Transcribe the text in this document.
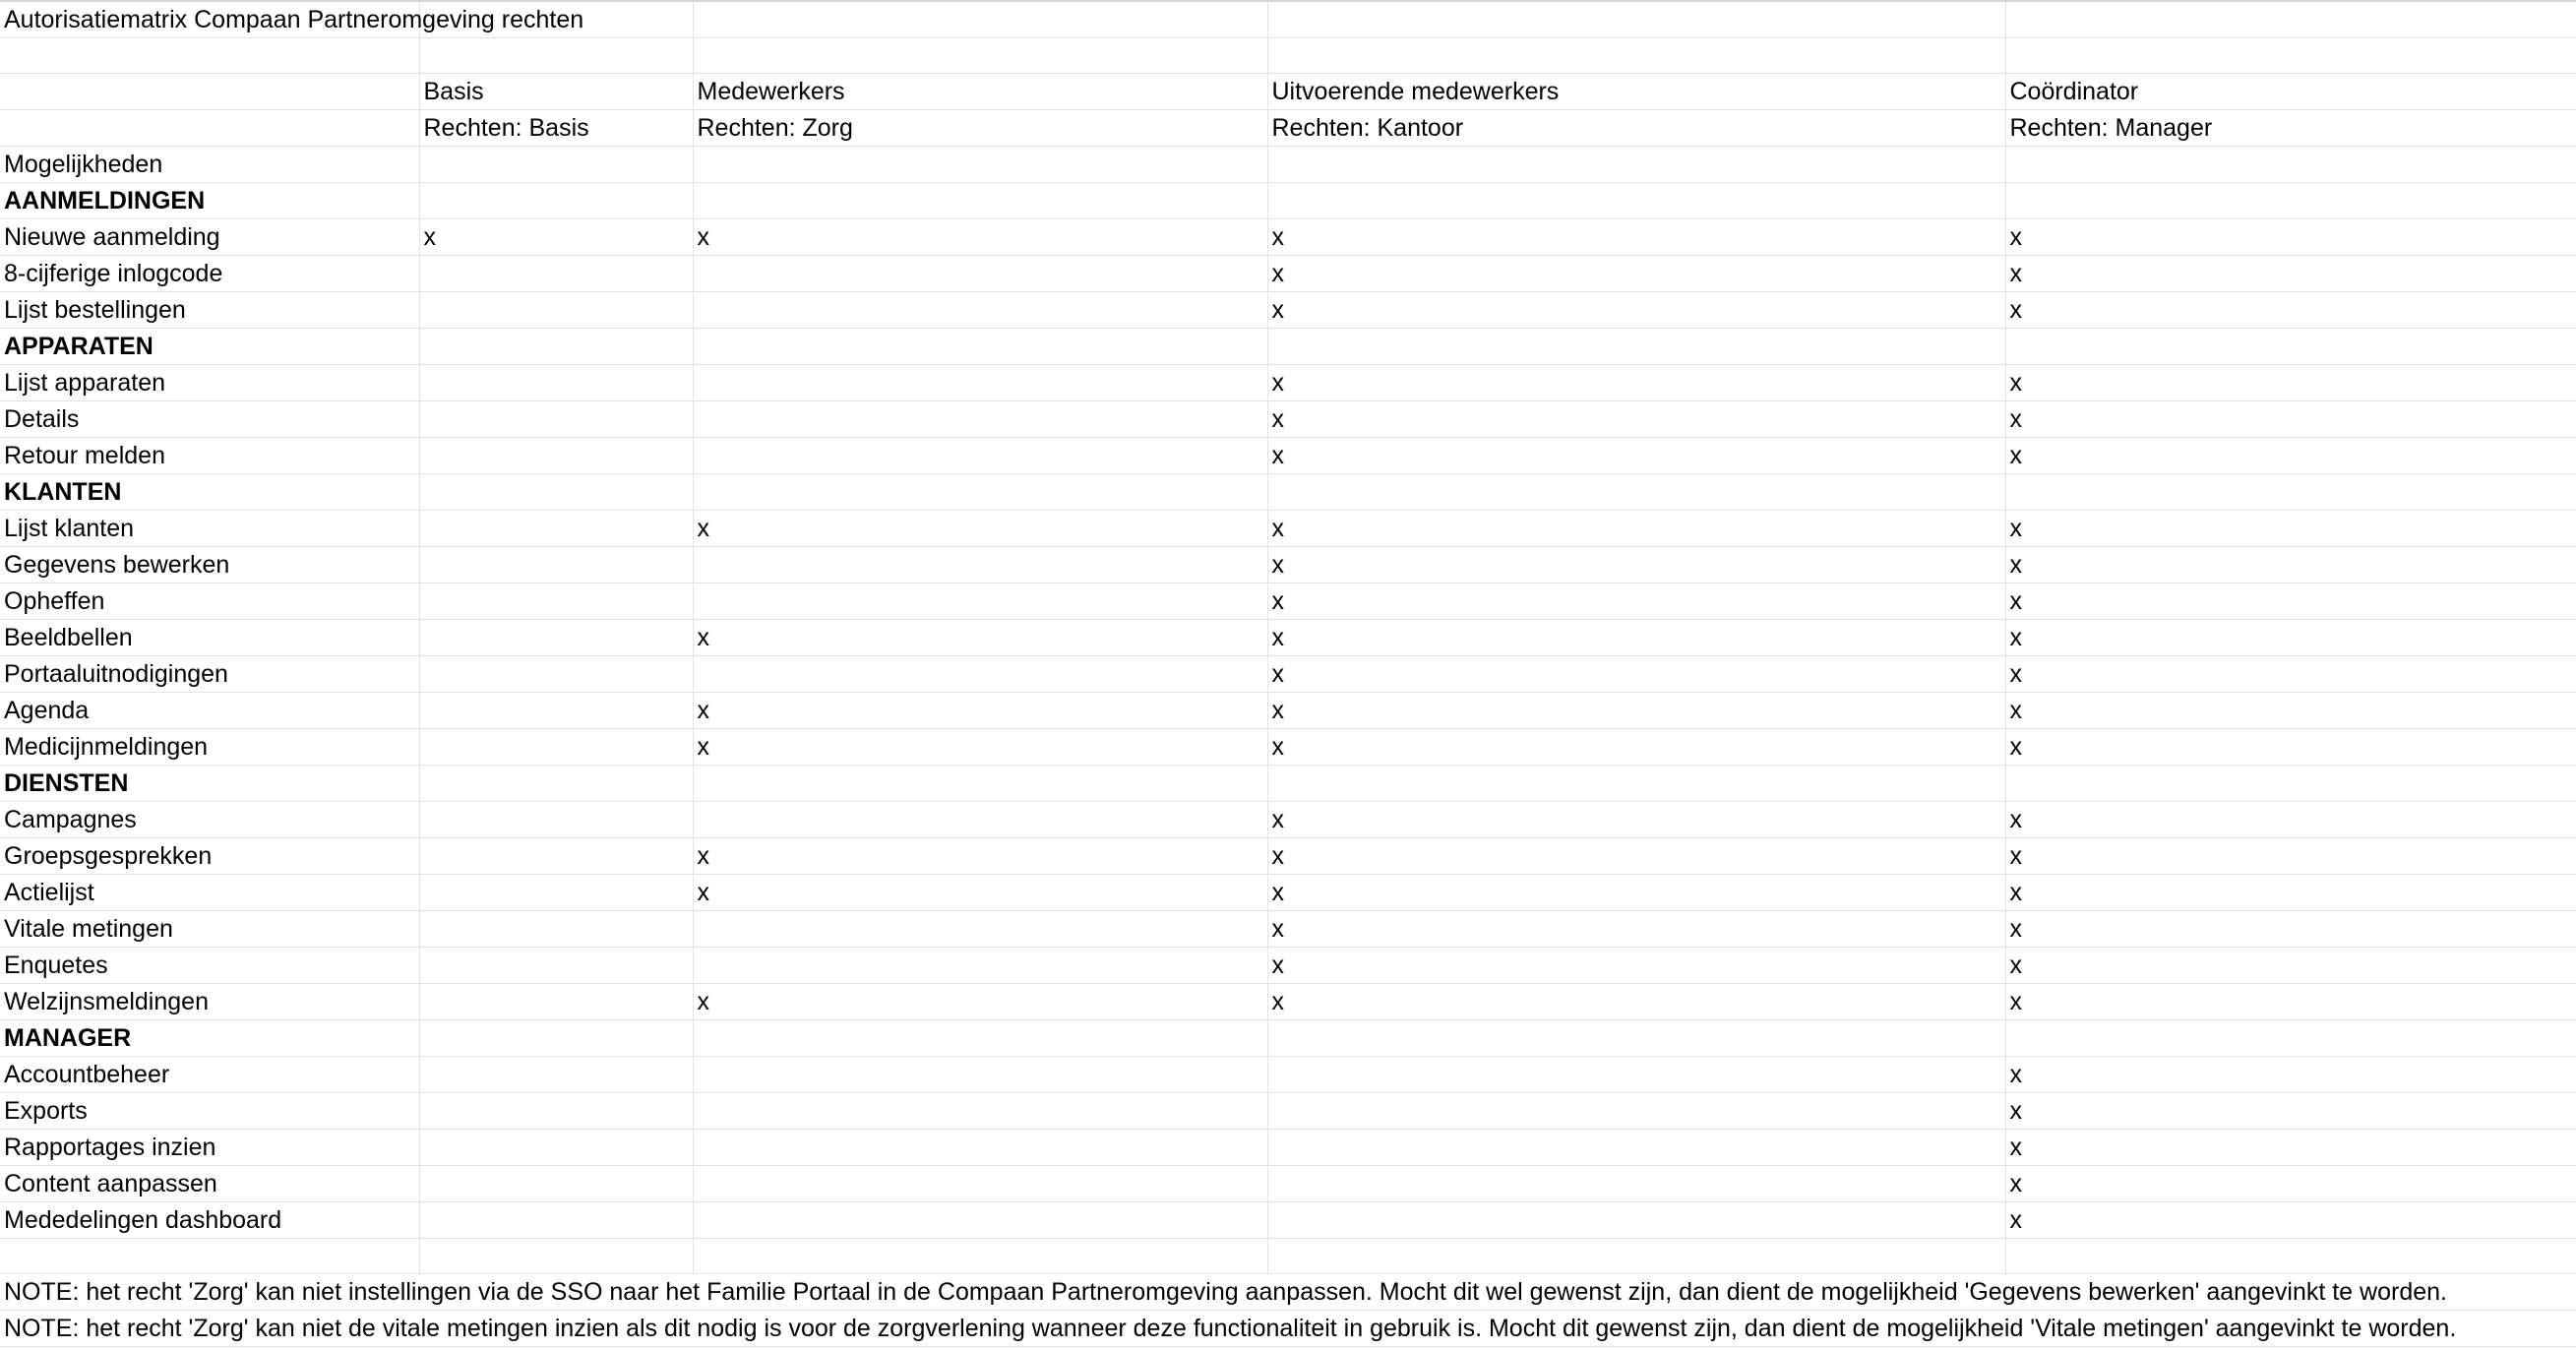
Autorisatiematrix Compaan Partneromgeving rechten				

	Basis	Medewerkers	Uitvoerende medewerkers	Coördinator
	Rechten: Basis	Rechten: Zorg	Rechten: Kantoor	Rechten: Manager
Mogelijkheden				
AANMELDINGEN				
Nieuwe aanmelding	x	x	x	x
8-cijferige inlogcode			x	x
Lijst bestellingen			x	x
APPARATEN				
Lijst apparaten			x	x
Details			x	x
Retour melden			x	x
KLANTEN				
Lijst klanten		x	x	x
Gegevens bewerken			x	x
Opheffen			x	x
Beeldbellen		x	x	x
Portaaluitnodigingen			x	x
Agenda		x	x	x
Medicijnmeldingen		x	x	x
DIENSTEN				
Campagnes			x	x
Groepsgesprekken		x	x	x
Actielijst		x	x	x
Vitale metingen			x	x
Enquetes			x	x
Welzijnsmeldingen		x	x	x
MANAGER				
Accountbeheer				x
Exports				x
Rapportages inzien				x
Content aanpassen				x
Mededelingen dashboard				x

NOTE: het recht 'Zorg' kan niet instellingen via de SSO naar het Familie Portaal in de Compaan Partneromgeving aanpassen. Mocht dit wel gewenst zijn, dan dient de mogelijkheid 'Gegevens bewerken' aangevinkt te worden.				
NOTE: het recht 'Zorg' kan niet de vitale metingen inzien als dit nodig is voor de zorgverlening wanneer deze functionaliteit in gebruik is. Mocht dit gewenst zijn, dan dient de mogelijkheid 'Vitale metingen' aangevinkt te worden.				
